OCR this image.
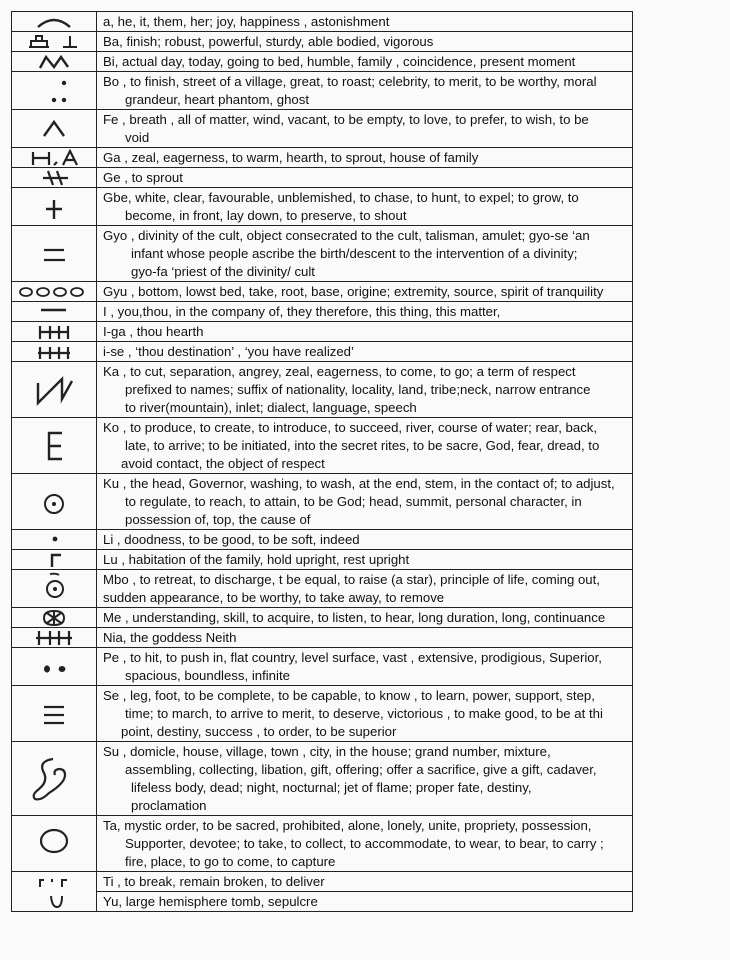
	a, he, it, them, her; joy, happiness , astonishment

	Ba, finish; robust, powerful, sturdy, able bodied, vigorous

	Bi, actual day, today, going to bed, humble, family , coincidence, present moment

Bo , to finish, street of a village, great, to roast; celebrity, to merit, to be worthy, moral
grandeur, heart phantom, ghost

Fe , breath , all of matter, wind, vacant, to be empty, to love, to prefer, to wish, to be
void

	Ga , zeal, eagerness, to warm, hearth, to sprout, house of family

	Ge , to sprout

Gbe, white, clear, favourable, unblemished, to chase, to hunt, to expel; to grow, to
become, in front, lay down, to preserve, to shout

Gyo , divinity of the cult, object consecrated to the cult, talisman, amulet; gyo-se ‘an
infant whose people ascribe the birth/descent to the intervention of a divinity;
gyo-fa ‘priest of the divinity/ cult

	Gyu , bottom, lowst bed, take, root, base, origine; extremity, source, spirit of tranquility

	I , you,thou, in the company of, they therefore, this thing, this matter,

	I-ga , thou hearth

	i-se , ‘thou destination’ , ‘you have realized’

Ka , to cut, separation, angrey, zeal, eagerness, to come, to go; a term of respect
prefixed to names; suffix of nationality, locality, land, tribe;neck, narrow entrance
to river(mountain), inlet; dialect, language, speech

Ko , to produce, to create, to introduce, to succeed, river, course of water; rear, back,
late, to arrive; to be initiated, into the secret rites, to be sacre, God, fear, dread, to
avoid contact, the object of respect

Ku , the head, Governor, washing, to wash, at the end, stem, in the contact of; to adjust,
to regulate, to reach, to attain, to be God; head, summit, personal character, in
possession of, top, the cause of

	Li , doodness, to be good, to be soft, indeed

	Lu , habitation of the family, hold upright, rest upright

Mbo , to retreat, to discharge, t be equal, to raise (a star), principle of life, coming out,
sudden appearance, to be worthy, to take away, to remove

	Me , understanding, skill, to acquire, to listen, to hear, long duration, long, continuance

	Nia, the goddess Neith

Pe , to hit, to push in, flat country, level surface, vast , extensive, prodigious, Superior,
spacious, boundless, infinite

Se , leg, foot, to be complete, to be capable, to know , to learn, power, support, step,
time; to march, to arrive to merit, to deserve, victorious , to make good, to be at thi
point, destiny, success , to order, to be superior

Su , domicle, house, village, town , city, in the house; grand number, mixture,
assembling, collecting, libation, gift, offering; offer a sacrifice, give a gift, cadaver,
lifeless body, dead; night, nocturnal; jet of flame; proper fate, destiny,
proclamation

Ta, mystic order, to be sacred, prohibited, alone, lonely, unite, propriety, possession,
Supporter, devotee; to take, to collect, to accommodate, to wear, to bear, to carry ;
fire, place, to go to come, to capture

	Ti , to break, remain broken, to deliver
	Yu, large hemisphere tomb, sepulcre
